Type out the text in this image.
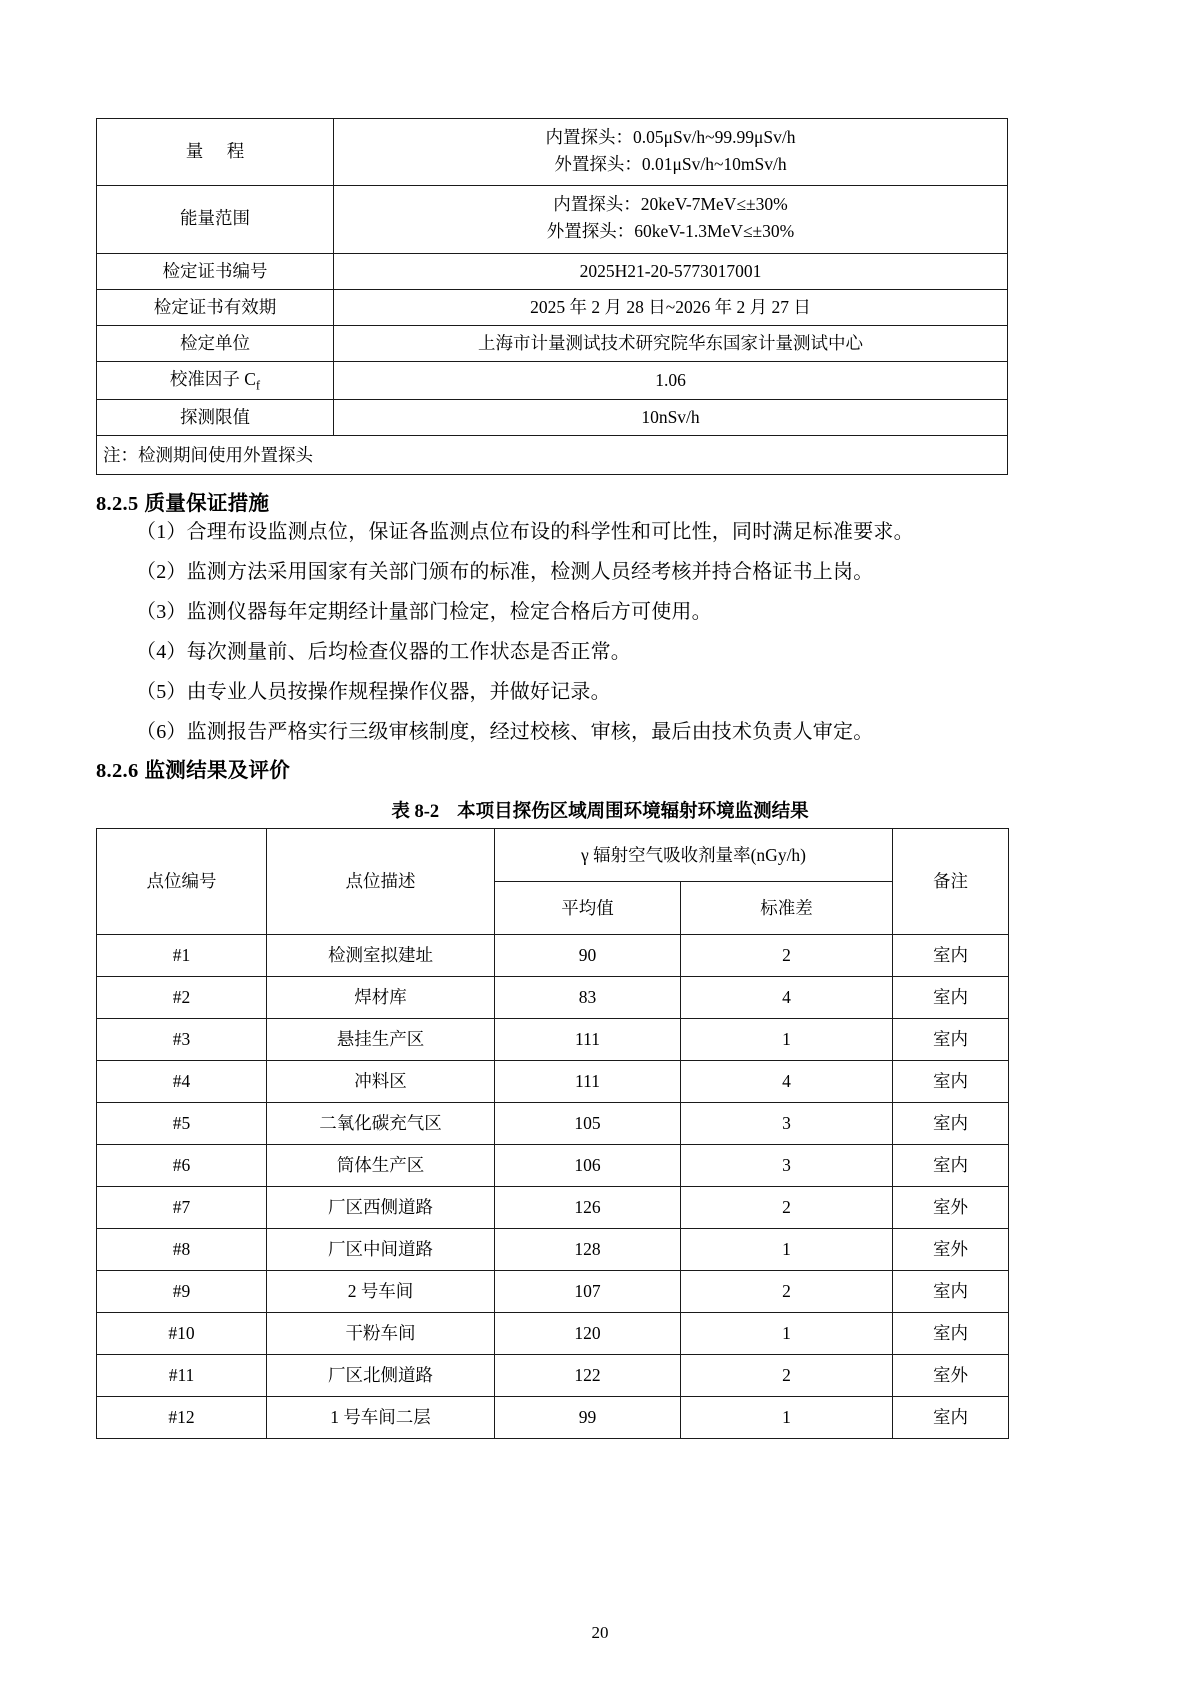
量 程	内置探头：0.05μSv/h~99.99μSv/h
外置探头：0.01μSv/h~10mSv/h

能量范围	内置探头：20keV-7MeV≤±30%
外置探头：60keV-1.3MeV≤±30%

检定证书编号	2025H21-20-5773017001
检定证书有效期	2025 年 2 月 28 日~2026 年 2 月 27 日
检定单位	上海市计量测试技术研究院华东国家计量测试中心
校准因子 $C_f$	1.06
探测限值	10nSv/h
注：检测期间使用外置探头	
8.2.5 质量保证措施
（1）合理布设监测点位，保证各监测点位布设的科学性和可比性，同时满足标准要求。
（2）监测方法采用国家有关部门颁布的标准，检测人员经考核并持合格证书上岗。
（3）监测仪器每年定期经计量部门检定，检定合格后方可使用。
（4）每次测量前、后均检查仪器的工作状态是否正常。
（5）由专业人员按操作规程操作仪器，并做好记录。
（6）监测报告严格实行三级审核制度，经过校核、审核，最后由技术负责人审定。
8.2.6 监测结果及评价
表 8-2 本项目探伤区域周围环境辐射环境监测结果
点位编号	点位描述	γ 辐射空气吸收剂量率(nGy/h)		备注
		平均值	标准差	
#1	检测室拟建址	90	2	室内
#2	焊材库	83	4	室内
#3	悬挂生产区	111	1	室内
#4	冲料区	111	4	室内
#5	二氧化碳充气区	105	3	室内
#6	筒体生产区	106	3	室内
#7	厂区西侧道路	126	2	室外
#8	厂区中间道路	128	1	室外
#9	2 号车间	107	2	室内
#10	干粉车间	120	1	室内
#11	厂区北侧道路	122	2	室外
#12	1 号车间二层	99	1	室内
20
